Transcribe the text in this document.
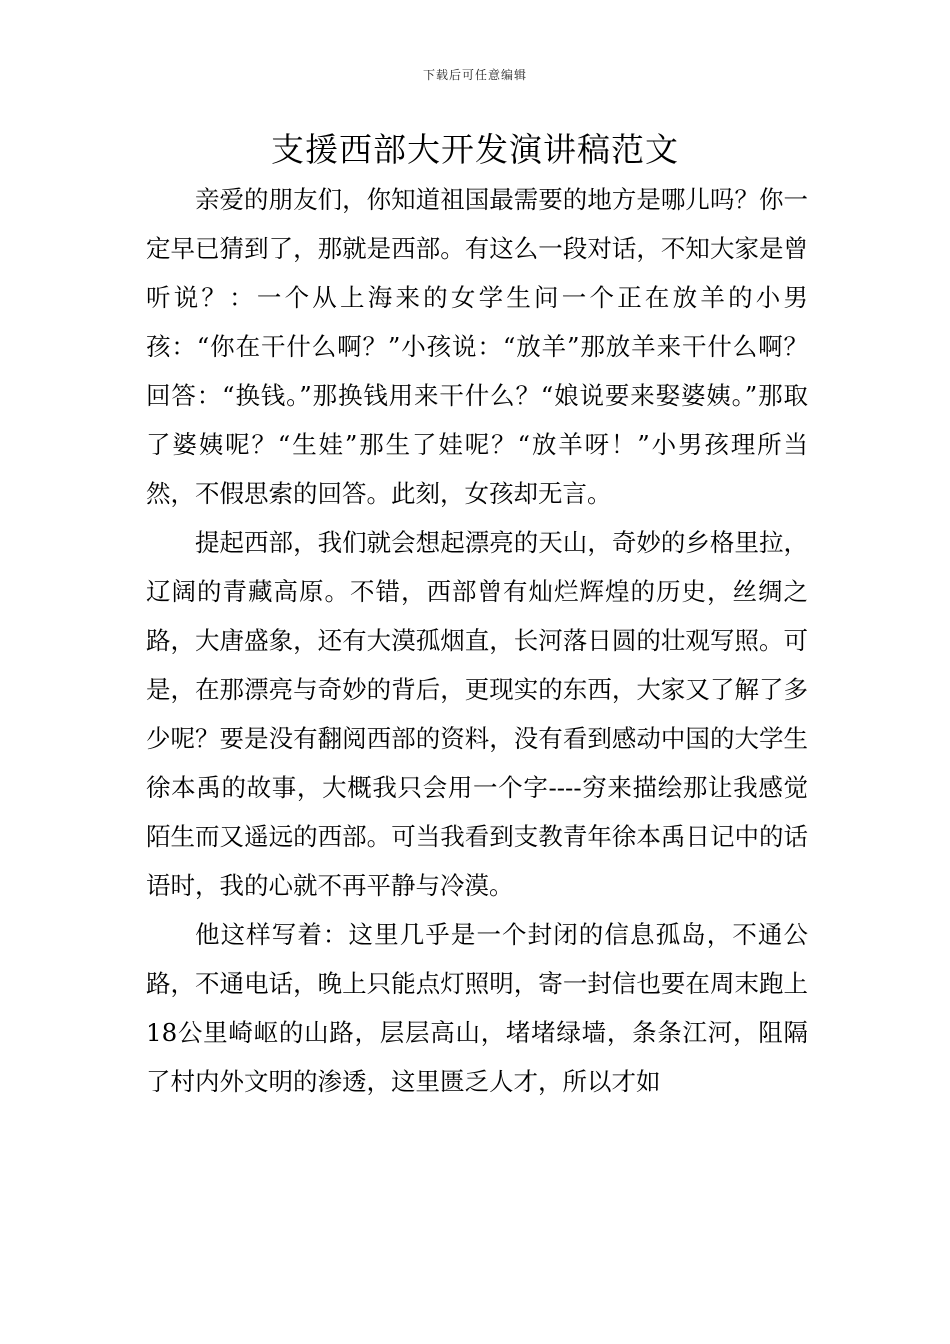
下载后可任意编辑
支援西部大开发演讲稿范文

亲爱的朋友们，你知道祖国最需要的地方是哪儿吗？你一定早已猜到了，那就是西部。有这么一段对话，不知大家是曾听说？：一个从上海来的女学生问一个正在放羊的小男孩：“你在干什么啊？”小孩说：“放羊”那放羊来干什么啊？回答：“换钱。”那换钱用来干什么？“娘说要来娶婆姨。”那取了婆姨呢？“生娃”那生了娃呢？“放羊呀！”小男孩理所当然，不假思索的回答。此刻，女孩却无言。

提起西部，我们就会想起漂亮的天山，奇妙的乡格里拉，辽阔的青藏高原。不错，西部曾有灿烂辉煌的历史，丝绸之路，大唐盛象，还有大漠孤烟直，长河落日圆的壮观写照。可是，在那漂亮与奇妙的背后，更现实的东西，大家又了解了多少呢？要是没有翻阅西部的资料，没有看到感动中国的大学生徐本禹的故事，大概我只会用一个字----穷来描绘那让我感觉陌生而又遥远的西部。可当我看到支教青年徐本禹日记中的话语时，我的心就不再平静与冷漠。

他这样写着：这里几乎是一个封闭的信息孤岛，不通公路，不通电话，晚上只能点灯照明，寄一封信也要在周末跑上18公里崎岖的山路，层层高山，堵堵绿墙，条条江河，阻隔了村内外文明的渗透，这里匮乏人才，所以才如
